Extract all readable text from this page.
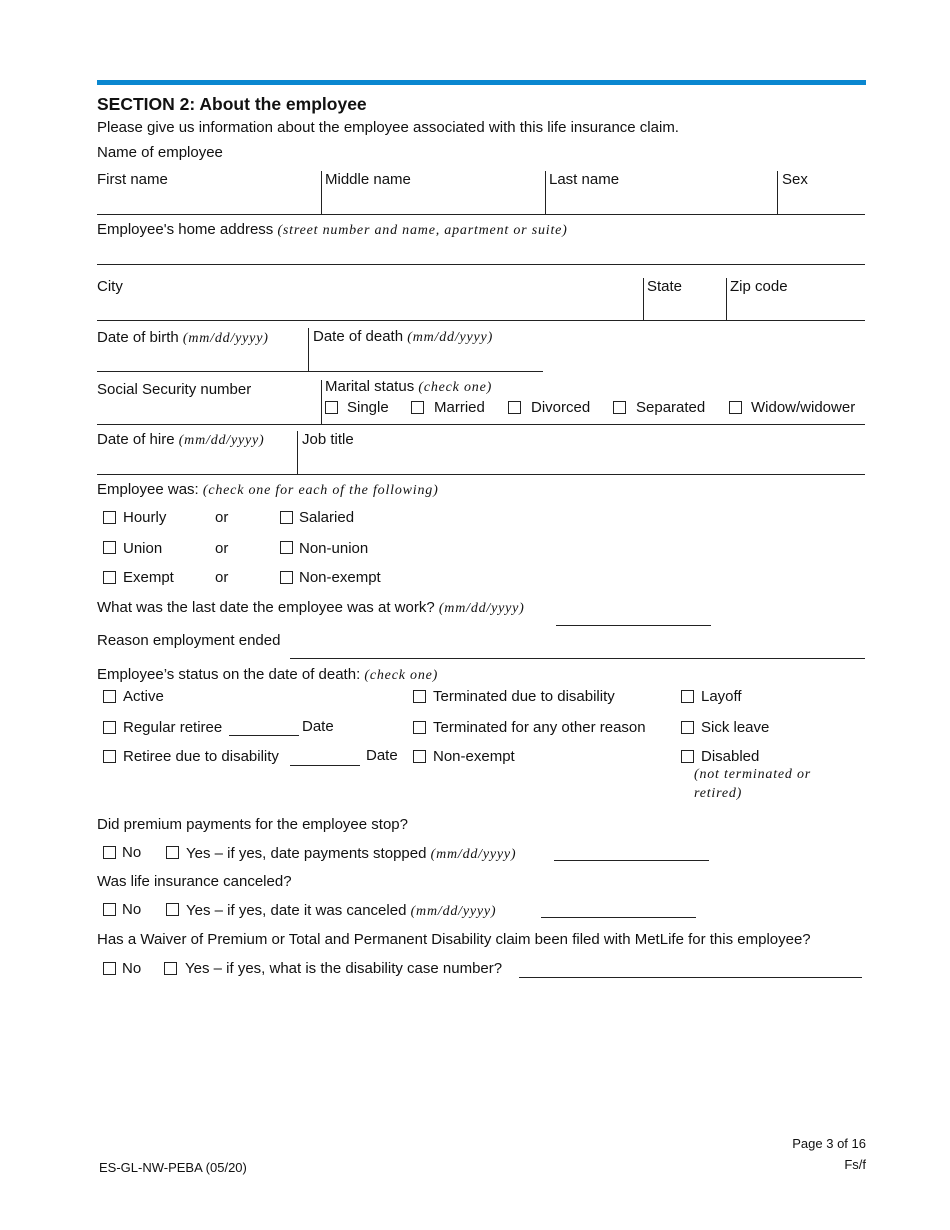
SECTION 2: About the employee
Please give us information about the employee associated with this life insurance claim.
Name of employee
First name	Middle name	Last name	Sex
Employee's home address (street number and name, apartment or suite)
City	State	Zip code
Date of birth (mm/dd/yyyy)	Date of death (mm/dd/yyyy)
Social Security number	Marital status (check one)
Single	Married	Divorced	Separated	Widow/widower
Date of hire (mm/dd/yyyy)	Job title
Employee was: (check one for each of the following)
Hourly	or	Salaried
Union	or	Non-union
Exempt	or	Non-exempt
What was the last date the employee was at work? (mm/dd/yyyy)
Reason employment ended
Employee’s status on the date of death: (check one)
Active	Terminated due to disability	Layoff
Regular retiree	Date	Terminated for any other reason	Sick leave
Retiree due to disability	Date Non-exempt	Disabled
(not terminated or
retired)
Did premium payments for the employee stop?
No	Yes – if yes, date payments stopped (mm/dd/yyyy)
Was life insurance canceled?
No	Yes – if yes, date it was canceled (mm/dd/yyyy)
Has a Waiver of Premium or Total and Permanent Disability claim been filed with MetLife for this employee?
No	Yes – if yes, what is the disability case number?
Page 3 of 16
Fs/f
ES-GL-NW-PEBA (05/20)
